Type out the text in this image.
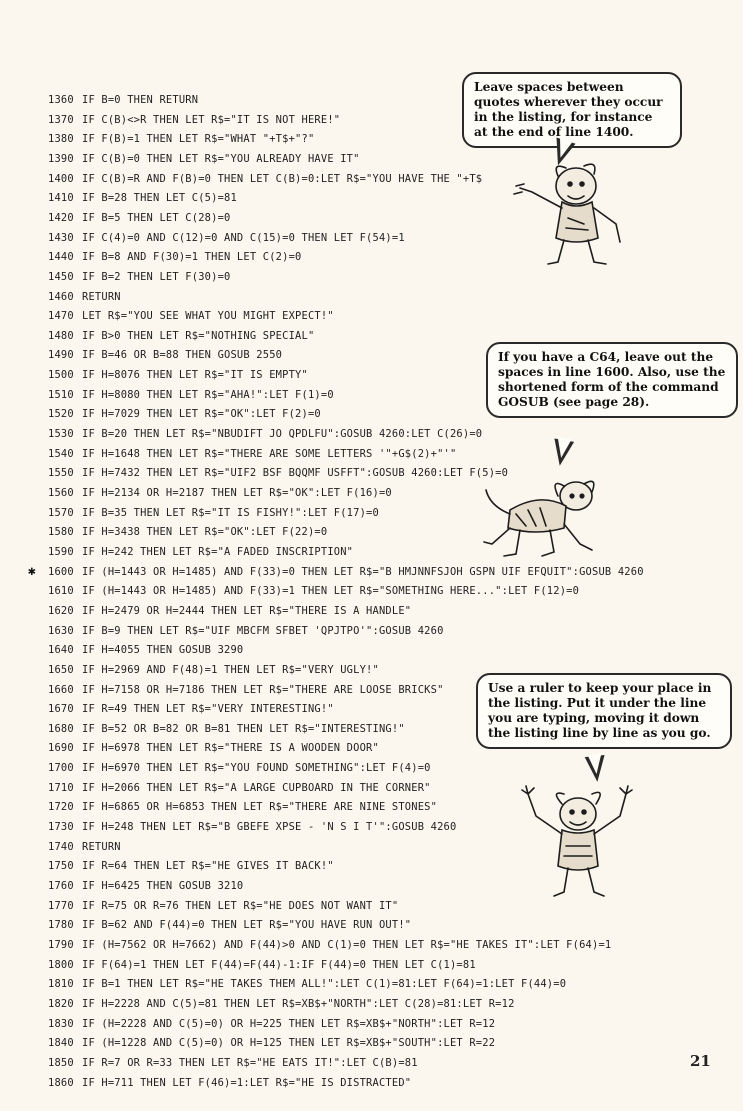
1360 IF B=0 THEN RETURN
1370 IF C(B)<>R THEN LET R$="IT IS NOT HERE!"
1380 IF F(B)=1 THEN LET R$="WHAT "+T$+"?"
1390 IF C(B)=0 THEN LET R$="YOU ALREADY HAVE IT"
1400 IF C(B)=R AND F(B)=0 THEN LET C(B)=0:LET R$="YOU HAVE THE "+T$
1410 IF B=28 THEN LET C(5)=81
1420 IF B=5 THEN LET C(28)=0
1430 IF C(4)=0 AND C(12)=0 AND C(15)=0 THEN LET F(54)=1
1440 IF B=8 AND F(30)=1 THEN LET C(2)=0
1450 IF B=2 THEN LET F(30)=0
1460 RETURN
1470 LET R$="YOU SEE WHAT YOU MIGHT EXPECT!"
1480 IF B>0 THEN LET R$="NOTHING SPECIAL"
1490 IF B=46 OR B=88 THEN GOSUB 2550
1500 IF H=8076 THEN LET R$="IT IS EMPTY"
1510 IF H=8080 THEN LET R$="AHA!":LET F(1)=0
1520 IF H=7029 THEN LET R$="OK":LET F(2)=0
1530 IF B=20 THEN LET R$="NBUDIFT JO QPDLFU":GOSUB 4260:LET C(26)=0
1540 IF H=1648 THEN LET R$="THERE ARE SOME LETTERS '"+G$(2)+"'"
1550 IF H=7432 THEN LET R$="UIF2 BSF BQQMF USFFT":GOSUB 4260:LET F(5)=0
1560 IF H=2134 OR H=2187 THEN LET R$="OK":LET F(16)=0
1570 IF B=35 THEN LET R$="IT IS FISHY!":LET F(17)=0
1580 IF H=3438 THEN LET R$="OK":LET F(22)=0
1590 IF H=242 THEN LET R$="A FADED INSCRIPTION"
✱ 1600 IF (H=1443 OR H=1485) AND F(33)=0 THEN LET R$="B HMJNNFSJOH GSPN UIF EFQUIT":GOSUB 4260
1610 IF (H=1443 OR H=1485) AND F(33)=1 THEN LET R$="SOMETHING HERE...":LET F(12)=0
1620 IF H=2479 OR H=2444 THEN LET R$="THERE IS A HANDLE"
1630 IF B=9 THEN LET R$="UIF MBCFM SFBET 'QPJTPO'":GOSUB 4260
1640 IF H=4055 THEN GOSUB 3290
1650 IF H=2969 AND F(48)=1 THEN LET R$="VERY UGLY!"
1660 IF H=7158 OR H=7186 THEN LET R$="THERE ARE LOOSE BRICKS"
1670 IF R=49 THEN LET R$="VERY INTERESTING!"
1680 IF B=52 OR B=82 OR B=81 THEN LET R$="INTERESTING!"
1690 IF H=6978 THEN LET R$="THERE IS A WOODEN DOOR"
1700 IF H=6970 THEN LET R$="YOU FOUND SOMETHING":LET F(4)=0
1710 IF H=2066 THEN LET R$="A LARGE CUPBOARD IN THE CORNER"
1720 IF H=6865 OR H=6853 THEN LET R$="THERE ARE NINE STONES"
1730 IF H=248 THEN LET R$="B GBEFE XPSE - 'N S I T'":GOSUB 4260
1740 RETURN
1750 IF R=64 THEN LET R$="HE GIVES IT BACK!"
1760 IF H=6425 THEN GOSUB 3210
1770 IF R=75 OR R=76 THEN LET R$="HE DOES NOT WANT IT"
1780 IF B=62 AND F(44)=0 THEN LET R$="YOU HAVE RUN OUT!"
1790 IF (H=7562 OR H=7662) AND F(44)>0 AND C(1)=0 THEN LET R$="HE TAKES IT":LET F(64)=1
1800 IF F(64)=1 THEN LET F(44)=F(44)-1:IF F(44)=0 THEN LET C(1)=81
1810 IF B=1 THEN LET R$="HE TAKES THEM ALL!":LET C(1)=81:LET F(64)=1:LET F(44)=0
1820 IF H=2228 AND C(5)=81 THEN LET R$=XB$+"NORTH":LET C(28)=81:LET R=12
1830 IF (H=2228 AND C(5)=0) OR H=225 THEN LET R$=XB$+"NORTH":LET R=12
1840 IF (H=1228 AND C(5)=0) OR H=125 THEN LET R$=XB$+"SOUTH":LET R=22
1850 IF R=7 OR R=33 THEN LET R$="HE EATS IT!":LET C(B)=81
1860 IF H=711 THEN LET F(46)=1:LET R$="HE IS DISTRACTED"
Leave spaces between quotes wherever they occur in the listing, for instance at the end of line 1400.
If you have a C64, leave out the spaces in line 1600. Also, use the shortened form of the command GOSUB (see page 28).
Use a ruler to keep your place in the listing. Put it under the line you are typing, moving it down the listing line by line as you go.
21
